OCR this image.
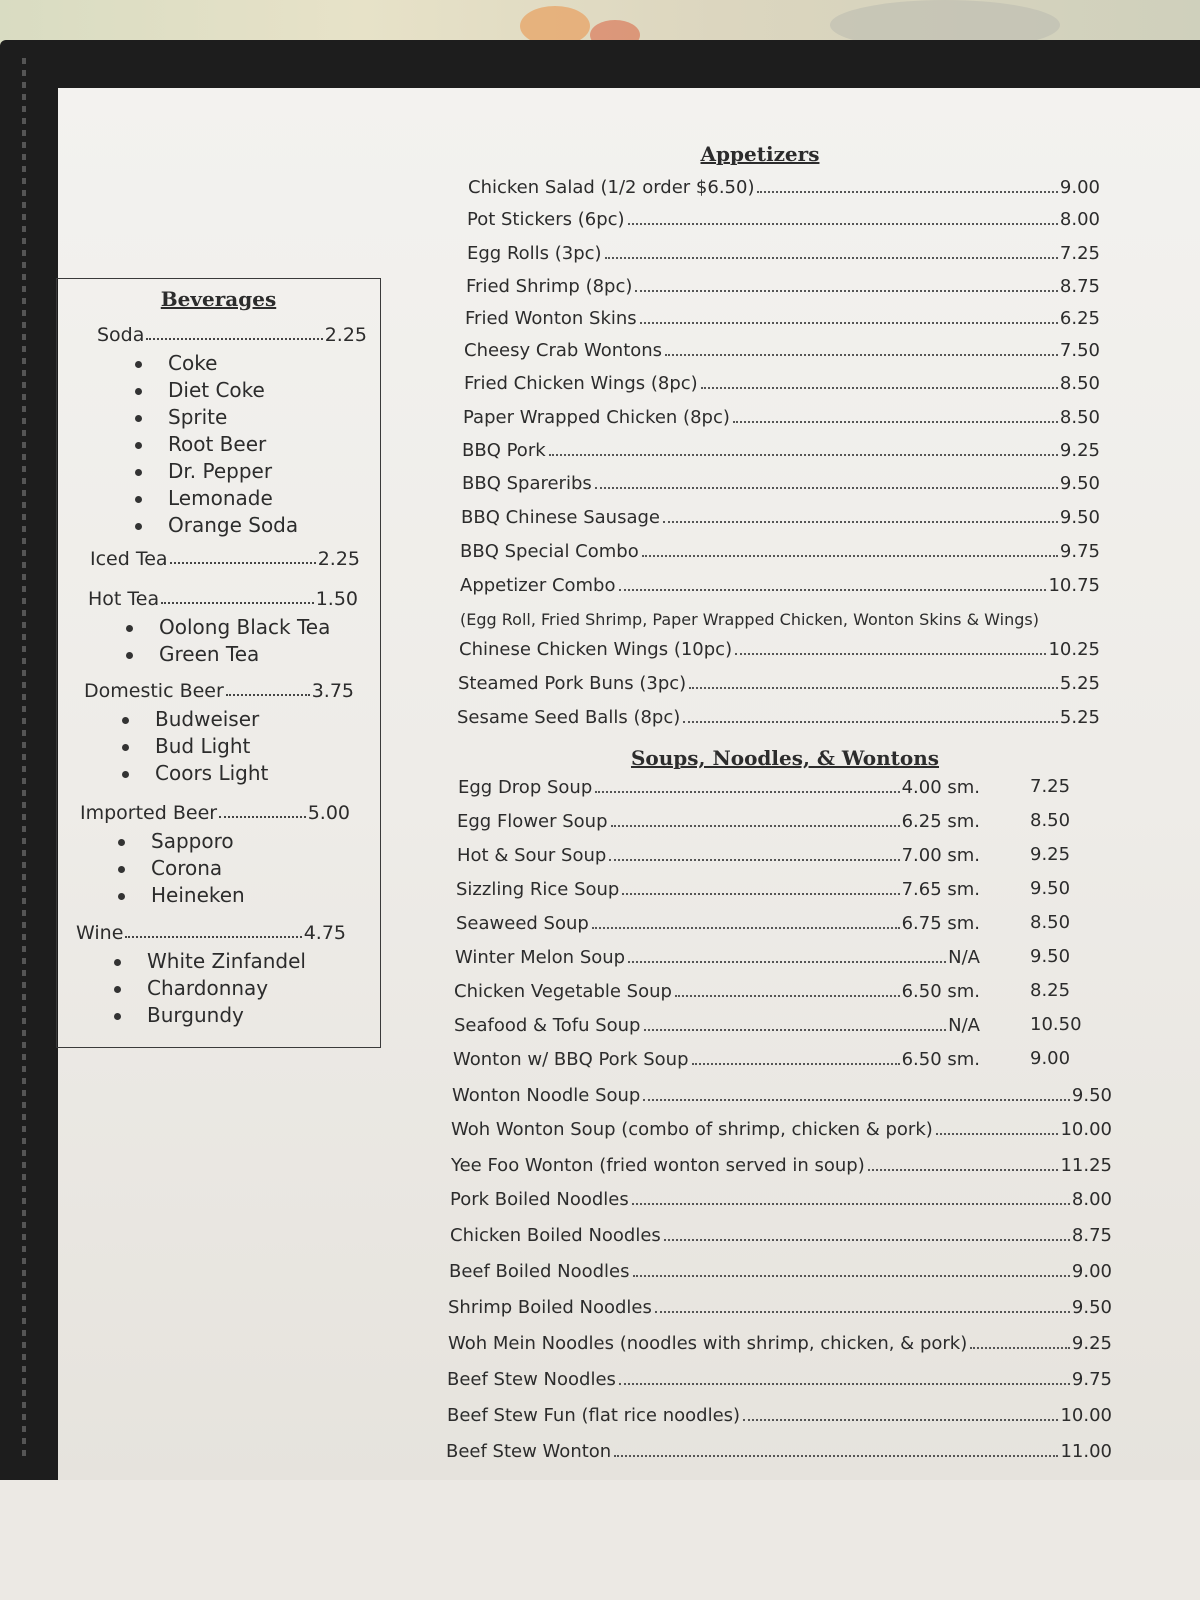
Beverages
Soda	2.25
Coke
Diet Coke
Sprite
Root Beer
Dr. Pepper
Lemonade
Orange Soda
Iced Tea	2.25
Hot Tea	1.50
Oolong Black Tea
Green Tea
Domestic Beer	3.75
Budweiser
Bud Light
Coors Light
Imported Beer	5.00
Sapporo
Corona
Heineken
Wine	4.75
White Zinfandel
Chardonnay
Burgundy
Appetizers
Chicken Salad (1/2 order $6.50)	9.00
Pot Stickers (6pc)	8.00
Egg Rolls (3pc)	7.25
Fried Shrimp (8pc)	8.75
Fried Wonton Skins	6.25
Cheesy Crab Wontons	7.50
Fried Chicken Wings (8pc)	8.50
Paper Wrapped Chicken (8pc)	8.50
BBQ Pork	9.25
BBQ Spareribs	9.50
BBQ Chinese Sausage	9.50
BBQ Special Combo	9.75
Appetizer Combo	10.75
Chinese Chicken Wings (10pc)	10.25
Steamed Pork Buns (3pc)	5.25
Sesame Seed Balls (8pc)	5.25
(Egg Roll, Fried Shrimp, Paper Wrapped Chicken, Wonton Skins & Wings)
Soups, Noodles, & Wontons
Egg Drop Soup	4.00 sm.	7.25
Egg Flower Soup	6.25 sm.	8.50
Hot & Sour Soup	7.00 sm.	9.25
Sizzling Rice Soup	7.65 sm.	9.50
Seaweed Soup	6.75 sm.	8.50
Winter Melon Soup	N/A	9.50
Chicken Vegetable Soup	6.50 sm.	8.25
Seafood & Tofu Soup	N/A	10.50
Wonton w/ BBQ Pork Soup	6.50 sm.	9.00
Wonton Noodle Soup	9.50
Woh Wonton Soup (combo of shrimp, chicken & pork)	10.00
Yee Foo Wonton (fried wonton served in soup)	11.25
Pork Boiled Noodles	8.00
Chicken Boiled Noodles	8.75
Beef Boiled Noodles	9.00
Shrimp Boiled Noodles	9.50
Woh Mein Noodles (noodles with shrimp, chicken, & pork)	9.25
Beef Stew Noodles	9.75
Beef Stew Fun (flat rice noodles)	10.00
Beef Stew Wonton	11.00
